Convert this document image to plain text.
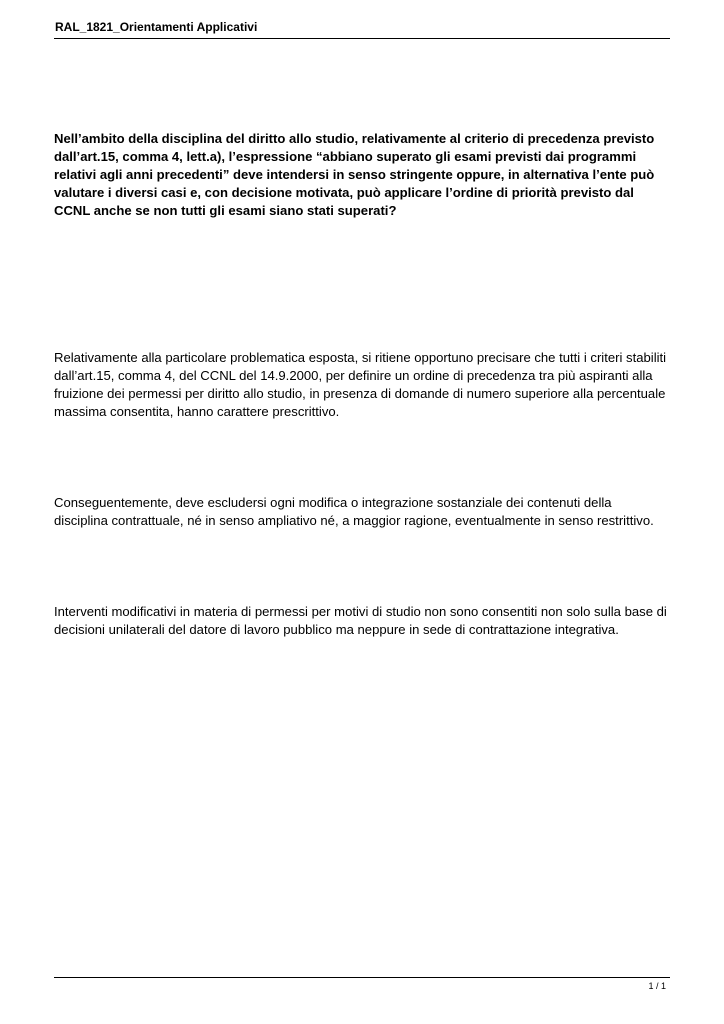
RAL_1821_Orientamenti Applicativi

Nell’ambito della disciplina del diritto allo studio, relativamente al criterio di precedenza previsto dall’art.15, comma 4, lett.a), l’espressione “abbiano superato gli esami previsti dai programmi relativi agli anni precedenti” deve intendersi in senso stringente oppure, in alternativa l’ente può valutare i diversi casi e, con decisione motivata, può applicare l’ordine di priorità previsto dal CCNL anche se non tutti gli esami siano stati superati?

Relativamente alla particolare problematica esposta, si ritiene opportuno precisare che tutti i criteri stabiliti dall’art.15, comma 4, del CCNL del 14.9.2000, per definire un ordine di precedenza tra più aspiranti alla fruizione dei permessi per diritto allo studio, in presenza di domande di numero superiore alla percentuale massima consentita, hanno carattere prescrittivo.

Conseguentemente, deve escludersi ogni modifica o integrazione sostanziale dei contenuti della disciplina contrattuale, né in senso ampliativo né, a maggior ragione, eventualmente in senso restrittivo.

Interventi modificativi in materia di permessi per motivi di studio non sono consentiti non solo sulla base di decisioni unilaterali del datore di lavoro pubblico ma neppure in sede di contrattazione integrativa.

1 / 1
